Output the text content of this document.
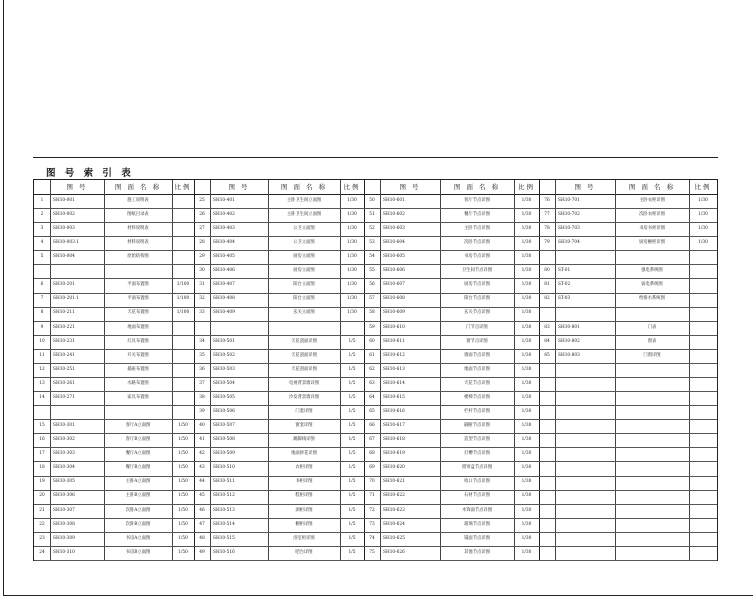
图 号 索 引 表
图 号	图 面 名 称	比例
1	SH10-001	施工说明表
2	SH10-002	图纸目录表
3	SH10-003	材料说明表
4	SH10-003.1	材料说明表
5	SH10-004	原始结构图
6	SH10-201	平面布置图	1/100
7	SH10-201.1	平面布置图	1/100
8	SH10-211	天花布置图	1/100
9	SH10-221	地面布置图
10	SH10-231	灯具布置图
11	SH10-241	开关布置图
12	SH10-251	插座布置图
13	SH10-261	水路布置图
14	SH10-271	家具布置图
15	SH10-301	客厅A立面图	1/50
16	SH10-302	客厅B立面图	1/50
17	SH10-303	餐厅A立面图	1/50
18	SH10-304	餐厅B立面图	1/50
19	SH10-305	主卧A立面图	1/50
20	SH10-306	主卧B立面图	1/50
21	SH10-307	次卧A立面图	1/50
22	SH10-308	次卧B立面图	1/50
23	SH10-309	书房A立面图	1/50
24	SH10-310	书房B立面图	1/50
图 号	图 面 名 称	比例
25	SH10-401	主卧卫生间立面图	1/30
26	SH10-402	主卧卫生间立面图	1/30
27	SH10-403	公卫立面图	1/30
28	SH10-404	公卫立面图	1/30
29	SH10-405	厨房立面图	1/30
30	SH10-406	厨房立面图	1/30
31	SH10-407	阳台立面图	1/30
32	SH10-408	阳台立面图	1/30
33	SH10-409	玄关立面图	1/30
34	SH10-501	天花剖面详图	1/5
35	SH10-502	天花剖面详图	1/5
36	SH10-503	天花剖面详图	1/5
37	SH10-504	电视背景墙详图	1/5
38	SH10-505	沙发背景墙详图	1/5
39	SH10-506	门套详图	1/5
40	SH10-507	窗套详图	1/5
41	SH10-508	踢脚线详图	1/5
42	SH10-509	地面拼花详图	1/5
43	SH10-510	衣柜详图	1/5
44	SH10-511	书柜详图	1/5
45	SH10-512	鞋柜详图	1/5
46	SH10-513	酒柜详图	1/5
47	SH10-514	橱柜详图	1/5
48	SH10-515	浴室柜详图	1/5
49	SH10-516	吧台详图	1/5
图 号	图 面 名 称	比例
50	SH10-601	客厅节点详图	1/30
51	SH10-602	餐厅节点详图	1/30
52	SH10-603	主卧节点详图	1/30
53	SH10-604	次卧节点详图	1/30
54	SH10-605	书房节点详图	1/30
55	SH10-606	卫生间节点详图	1/30
56	SH10-607	厨房节点详图	1/30
57	SH10-608	阳台节点详图	1/30
58	SH10-609	玄关节点详图	1/30
59	SH10-610	门节点详图	1/30
60	SH10-611	窗节点详图	1/30
61	SH10-612	墙面节点详图	1/30
62	SH10-613	地面节点详图	1/30
63	SH10-614	天花节点详图	1/30
64	SH10-615	楼梯节点详图	1/30
65	SH10-616	栏杆节点详图	1/30
66	SH10-617	隔断节点详图	1/30
67	SH10-618	造型节点详图	1/30
68	SH10-619	灯槽节点详图	1/30
69	SH10-620	窗帘盒节点详图	1/30
70	SH10-621	收口节点详图	1/30
71	SH10-622	石材节点详图	1/30
72	SH10-623	木饰面节点详图	1/30
73	SH10-624	玻璃节点详图	1/30
74	SH10-625	镜面节点详图	1/30
75	SH10-626	其他节点详图	1/30
图 号	图 面 名 称	比例
76	SH10-701	主卧衣柜详图	1/30
77	SH10-702	次卧衣柜详图	1/30
78	SH10-703	书房书柜详图	1/30
79	SH10-704	厨房橱柜详图	1/30
80	ST-01	强电系统图
81	ST-02	弱电系统图
82	ST-03	给排水系统图
83	SH10-801	门表
84	SH10-802	窗表
85	SH10-803	门窗详图
